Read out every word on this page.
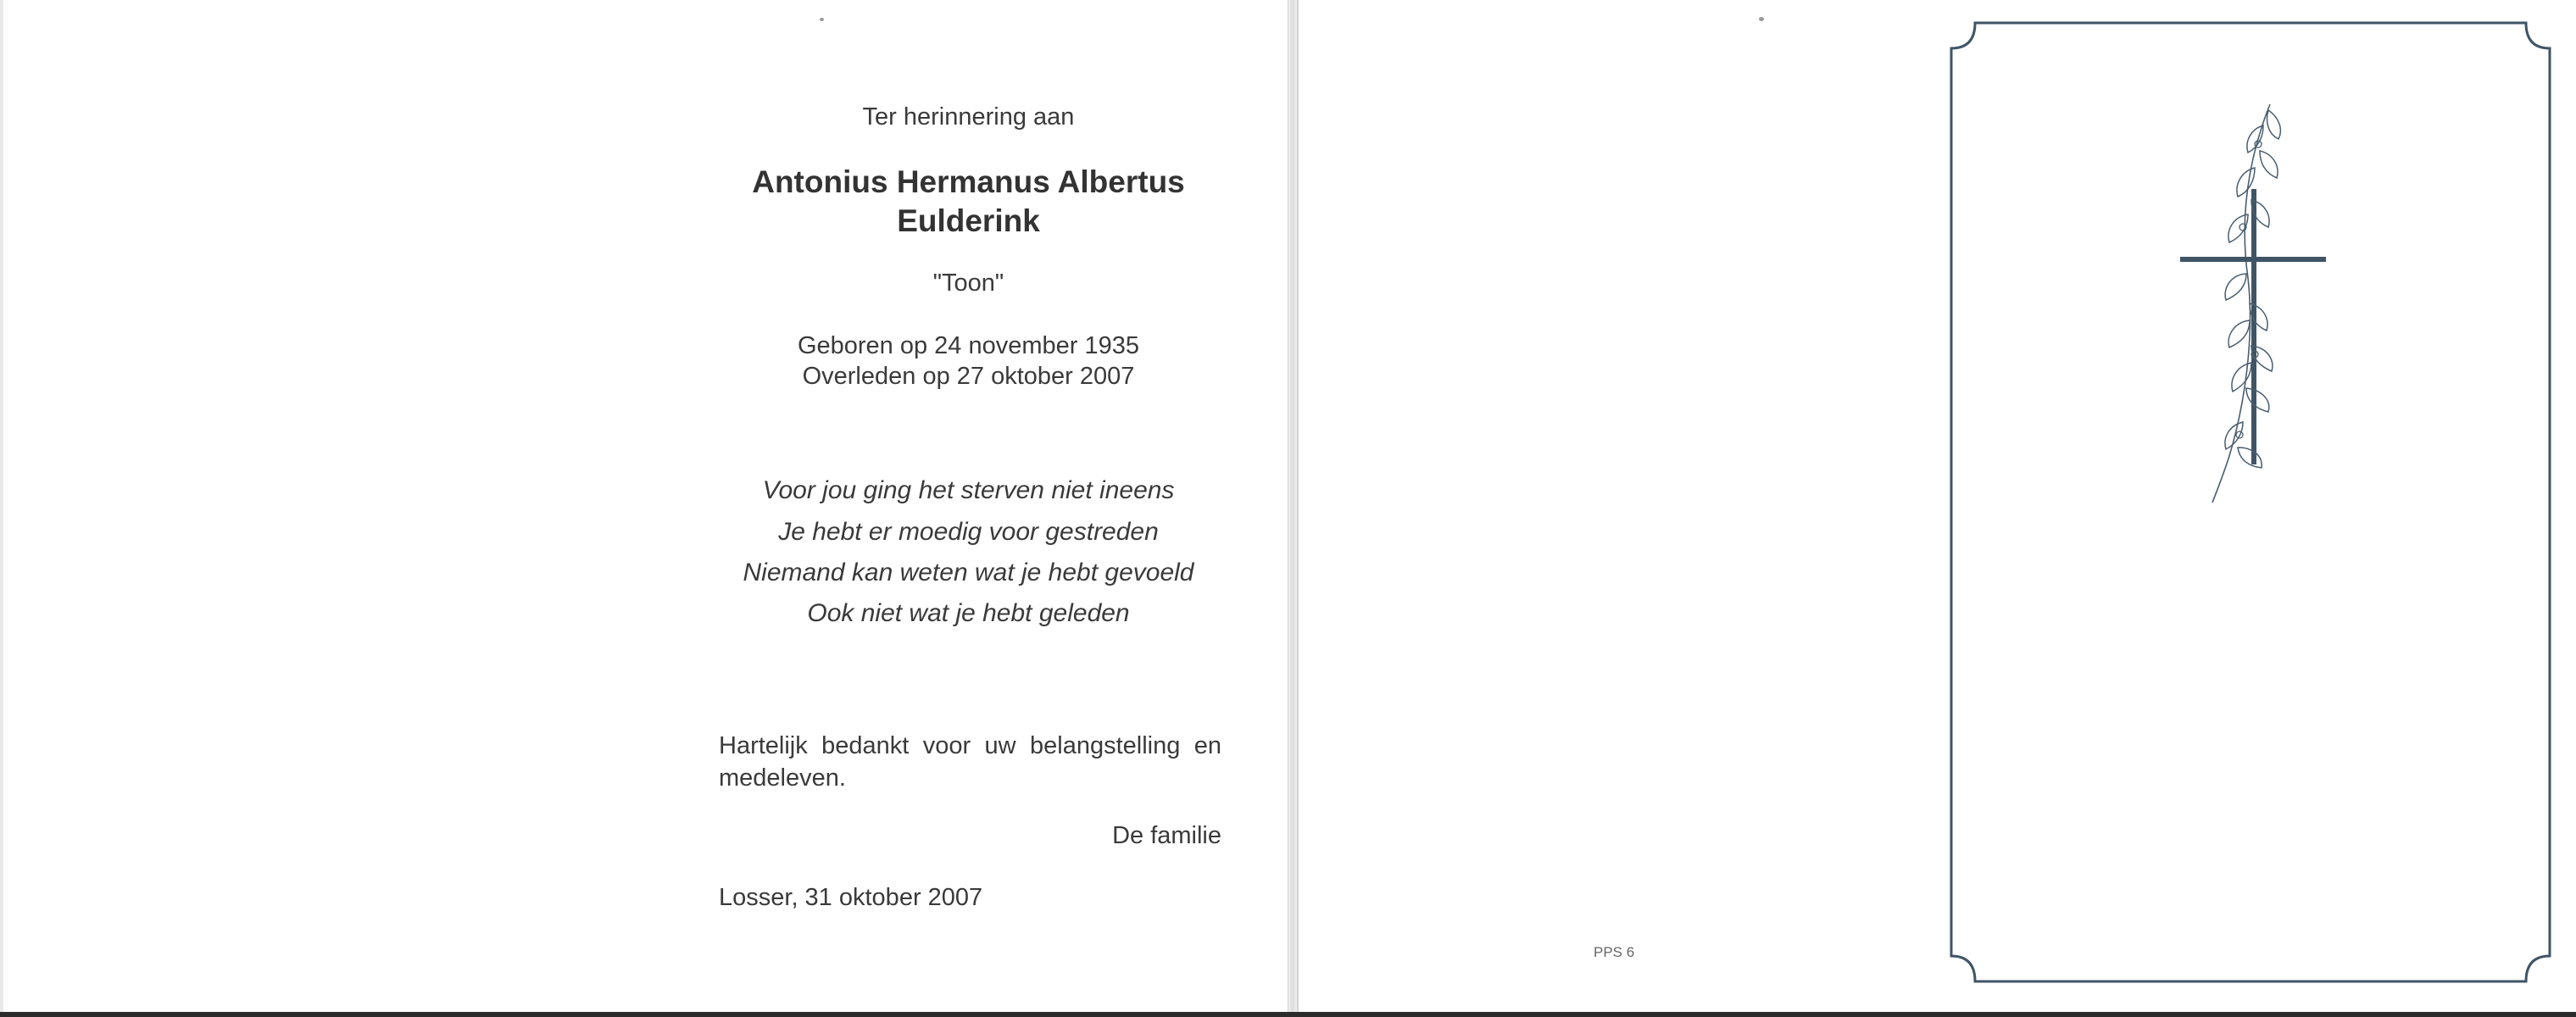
Ter herinnering aan
Antonius Hermanus Albertus
Eulderink
"Toon"
Geboren op 24 november 1935
Overleden op 27 oktober 2007
Voor jou ging het sterven niet ineens
Je hebt er moedig voor gestreden
Niemand kan weten wat je hebt gevoeld
Ook niet wat je hebt geleden
Hartelijk bedankt voor uw belangstelling en medeleven.
De familie
Losser, 31 oktober 2007
PPS 6
